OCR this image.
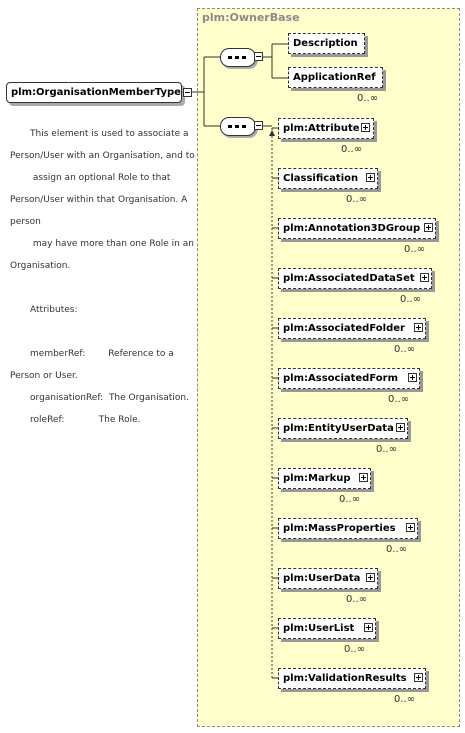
plm:OwnerBase
plm:OrganisationMemberType
Description
ApplicationRef
0..∞
plm:Attribute
0..∞
Classification
0..∞
plm:Annotation3DGroup
0..∞
plm:AssociatedDataSet
0..∞
plm:AssociatedFolder
0..∞
plm:AssociatedForm
0..∞
plm:EntityUserData
0..∞
plm:Markup
0..∞
plm:MassProperties
0..∞
plm:UserData
0..∞
plm:UserList
0..∞
plm:ValidationResults
0..∞

This element is used to associate a

Person/User with an Organisation, and to

assign an optional Role to that

Person/User within that Organisation. A

person

may have more than one Role in an

Organisation.

Attributes:

memberRef:        Reference to a

Person or User.

organisationRef:  The Organisation.

roleRef:            The Role.
